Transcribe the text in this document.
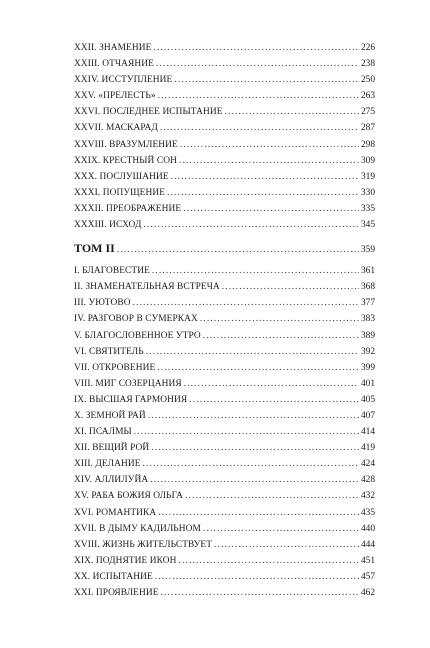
XXII. ЗНАМЕНИЕ . . .	226
XXIII. ОТЧАЯНИЕ . . .	238
XXIV. ИССТУПЛЕНИЕ . . .	250
XXV. «ПРЕЛЕСТЬ» . . .	263
XXVI. ПОСЛЕДНЕЕ ИСПЫТАНИЕ . . .	275
XXVII. МАСКАРАД . . .	287
XXVIII. ВРАЗУМЛЕНИЕ . . .	298
XXIX. КРЕСТНЫЙ СОН . . .	309
XXX. ПОСЛУШАНИЕ . . .	319
XXXI. ПОПУЩЕНИЕ . . .	330
XXXII. ПРЕОБРАЖЕНИЕ . . .	335
XXXIII. ИСХОД . . .	345
ТОМ II . . .	359
I. БЛАГОВЕСТИЕ . . .	361
II. ЗНАМЕНАТЕЛЬНАЯ ВСТРЕЧА . . .	368
III. УЮТОВО . . .	377
IV. РАЗГОВОР В СУМЕРКАХ . . .	383
V. БЛАГОСЛОВЕННОЕ УТРО . . .	389
VI. СВЯТИТЕЛЬ . . .	392
VII. ОТКРОВЕНИЕ . . .	399
VIII. МИГ СОЗЕРЦАНИЯ . . .	401
IX. ВЫСШАЯ ГАРМОНИЯ . . .	405
X. ЗЕМНОЙ РАЙ . . .	407
XI. ПСАЛМЫ . . .	414
XII. ВЕЩИЙ РОЙ . . .	419
XIII. ДЕЛАНИЕ . . .	424
XIV. АЛЛИЛУЙА . . .	428
XV. РАБА БОЖИЯ ОЛЬГА . . .	432
XVI. РОМАНТИКА . . .	435
XVII. В ДЫМУ КАДИЛЬНОМ . . .	440
XVIII. ЖИЗНЬ ЖИТЕЛЬСТВУЕТ . . .	444
XIX. ПОДНЯТИЕ ИКОН . . .	451
XX. ИСПЫТАНИЕ . . .	457
XXI. ПРОЯВЛЕНИЕ . . .	462
